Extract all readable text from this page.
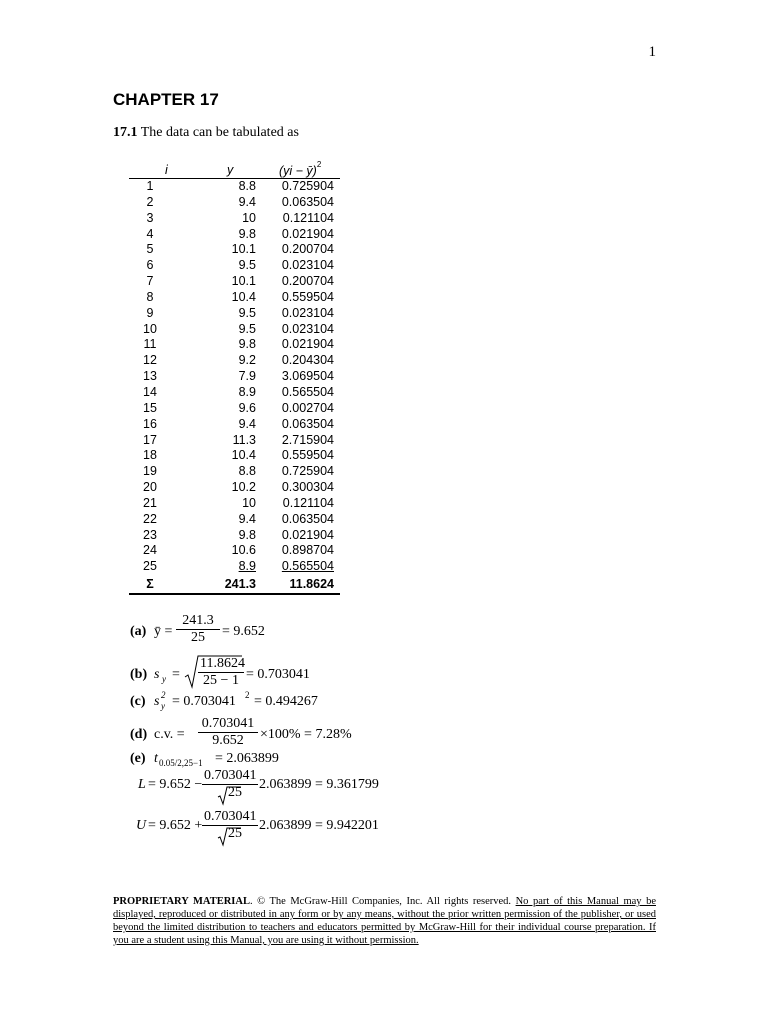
1
CHAPTER 17
17.1 The data can be tabulated as
i	y	(yi − ȳ)$^2$
1	8.8	0.725904
2	9.4	0.063504
3	10	0.121104
4	9.8	0.021904
5	10.1	0.200704
6	9.5	0.023104
7	10.1	0.200704
8	10.4	0.559504
9	9.5	0.023104
10	9.5	0.023104
11	9.8	0.021904
12	9.2	0.204304
13	7.9	3.069504
14	8.9	0.565504
15	9.6	0.002704
16	9.4	0.063504
17	11.3	2.715904
18	10.4	0.559504
19	8.8	0.725904
20	10.2	0.300304
21	10	0.121104
22	9.4	0.063504
23	9.8	0.021904
24	10.6	0.898704
25	8.9	0.565504
Σ	241.3	11.8624
(a) ȳ = $\frac{241.3}{25} = 9.652$
(b) s $y = \frac{11.8624}{25 - 1} = 0.703041$
(c) s 2
y = 0.703041 2 = 0.494267
(d) c.v. = $\frac{0.703041}{9.652} \times 100\% = 7.28\%$
(e) t 0.05/2,25−1 = 2.063899
$L = 9.652 - \frac{0.703041}{25} 2.063899 = 9.361799$
$U = 9.652 + \frac{0.703041}{25} 2.063899 = 9.942201$
PROPRIETARY MATERIAL. © The McGraw-Hill Companies, Inc. All rights reserved. No part of this Manual may be displayed, reproduced or distributed in any form or by any means, without the prior written permission of the publisher, or used beyond the limited distribution to teachers and educators permitted by McGraw-Hill for their individual course preparation. If you are a student using this Manual, you are using it without permission.
